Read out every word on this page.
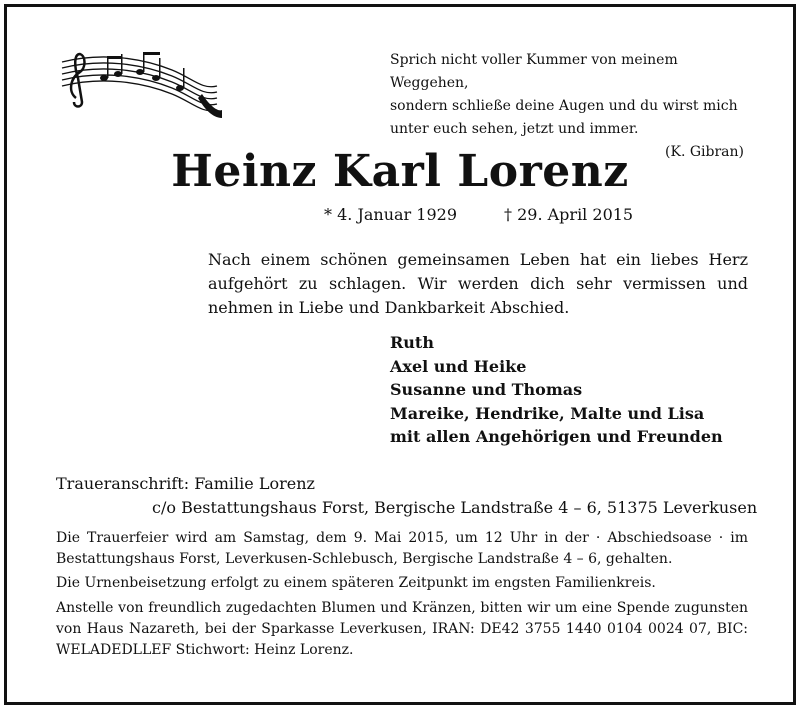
Sprich nicht voller Kummer von meinem Weggehen,
sondern schließe deine Augen und du wirst mich
unter euch sehen, jetzt und immer.
(K. Gibran)
Heinz Karl Lorenz
* 4. Januar 1929	† 29. April 2015
Nach einem schönen gemeinsamen Leben hat ein liebes Herz aufgehört zu schlagen. Wir werden dich sehr vermissen und nehmen in Liebe und Dankbarkeit Abschied.
Ruth
Axel und Heike
Susanne und Thomas
Mareike, Hendrike, Malte und Lisa
mit allen Angehörigen und Freunden
Traueranschrift: Familie Lorenz
c/o Bestattungshaus Forst, Bergische Landstraße 4 – 6, 51375 Leverkusen
Die Trauerfeier wird am Samstag, dem 9. Mai 2015, um 12 Uhr in der · Abschiedsoase · im Bestattungshaus Forst, Leverkusen-Schlebusch, Bergische Landstraße 4 – 6, gehalten.
Die Urnenbeisetzung erfolgt zu einem späteren Zeitpunkt im engsten Familienkreis.
Anstelle von freundlich zugedachten Blumen und Kränzen, bitten wir um eine Spende zugunsten von Haus Nazareth, bei der Sparkasse Leverkusen, IRAN: DE42 3755 1440 0104 0024 07, BIC: WELADEDLLEF Stichwort: Heinz Lorenz.
